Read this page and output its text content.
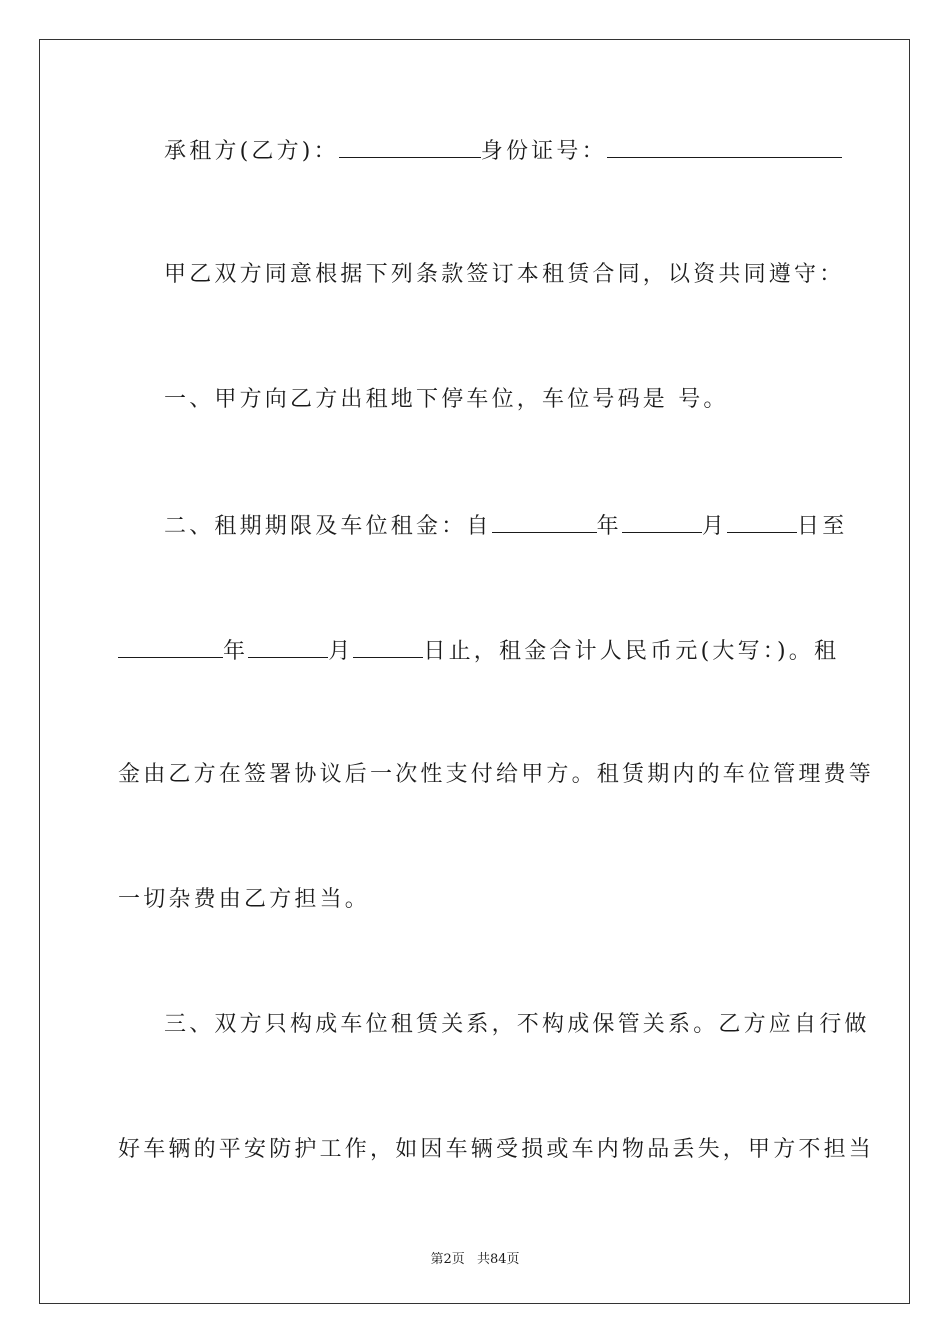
承租方(乙方)：	身份证号：
甲乙双方同意根据下列条款签订本租赁合同，以资共同遵守：
一、甲方向乙方出租地下停车位，车位号码是 号。
二、租期期限及车位租金：自	年	月	日至
年	月	日止，租金合计人民币元(大写：)。租
金由乙方在签署协议后一次性支付给甲方。租赁期内的车位管理费等
一切杂费由乙方担当。
三、双方只构成车位租赁关系，不构成保管关系。乙方应自行做
好车辆的平安防护工作，如因车辆受损或车内物品丢失，甲方不担当
第2页 共84页
